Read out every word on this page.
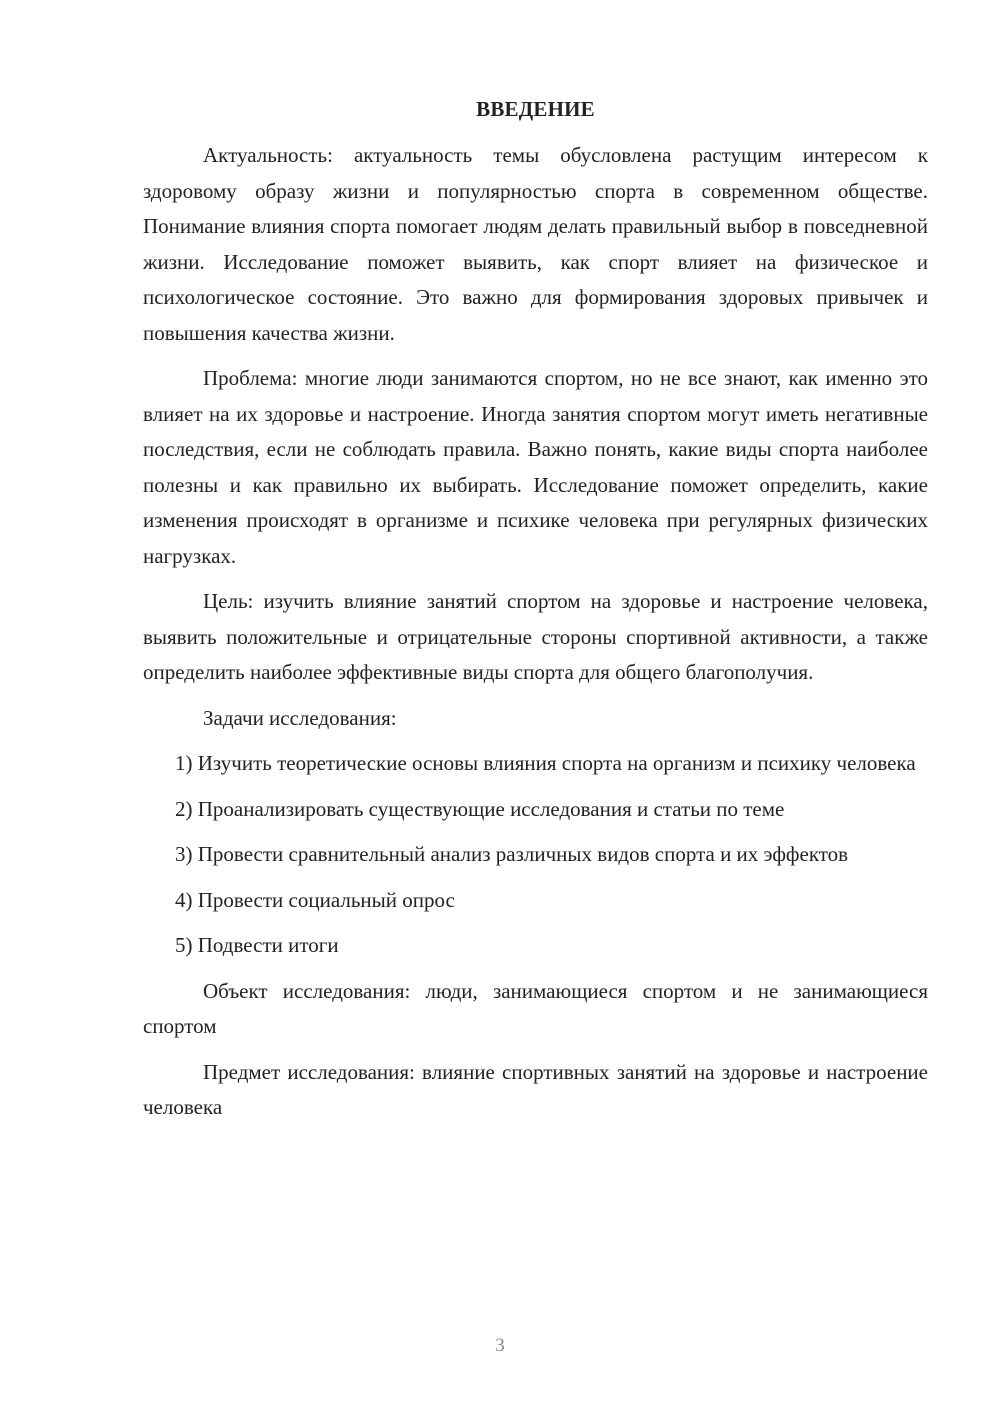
ВВЕДЕНИЕ

Актуальность: актуальность темы обусловлена растущим интересом к здоровому образу жизни и популярностью спорта в современном обществе. Понимание влияния спорта помогает людям делать правильный выбор в повседневной жизни. Исследование поможет выявить, как спорт влияет на физическое и психологическое состояние. Это важно для формирования здоровых привычек и повышения качества жизни.

Проблема: многие люди занимаются спортом, но не все знают, как именно это влияет на их здоровье и настроение. Иногда занятия спортом могут иметь негативные последствия, если не соблюдать правила. Важно понять, какие виды спорта наиболее полезны и как правильно их выбирать. Исследование поможет определить, какие изменения происходят в организме и психике человека при регулярных физических нагрузках.

Цель: изучить влияние занятий спортом на здоровье и настроение человека, выявить положительные и отрицательные стороны спортивной активности, а также определить наиболее эффективные виды спорта для общего благополучия.

Задачи исследования:

1) Изучить теоретические основы влияния спорта на организм и психику человека

2) Проанализировать существующие исследования и статьи по теме

3) Провести сравнительный анализ различных видов спорта и их эффектов

4) Провести социальный опрос

5) Подвести итоги

Объект исследования: люди, занимающиеся спортом и не занимающиеся спортом

Предмет исследования: влияние спортивных занятий на здоровье и настроение человека

3
